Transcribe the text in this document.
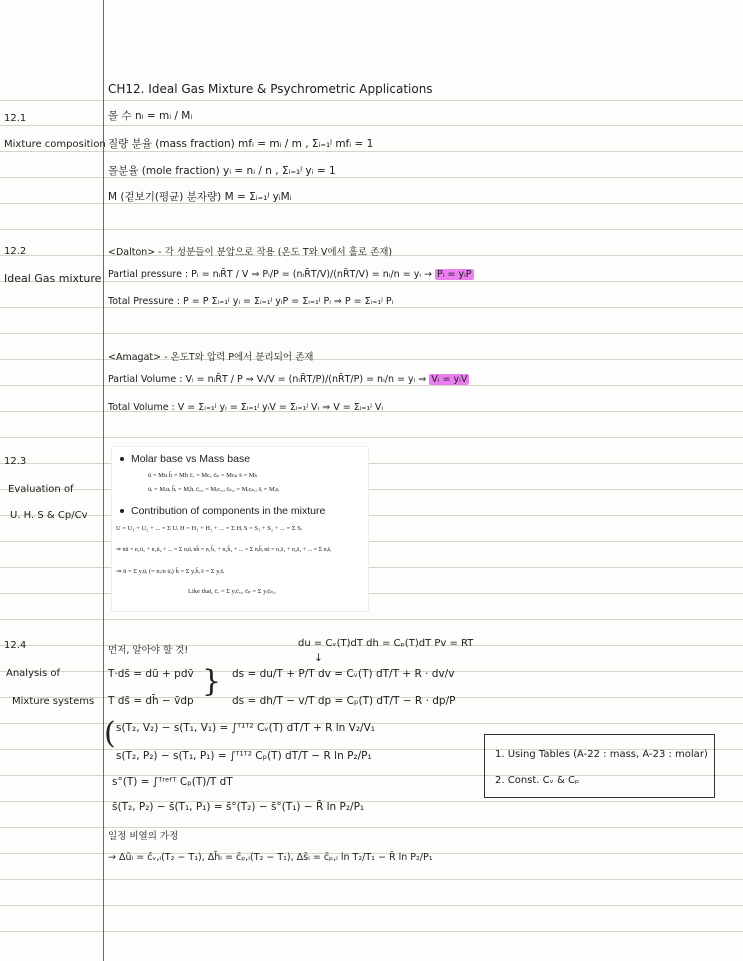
CH12. Ideal Gas Mixture & Psychrometric Applications
12.1
Mixture composition
몰 수 nᵢ = mᵢ / Mᵢ
질량 분율 (mass fraction) mfᵢ = mᵢ / m , Σᵢ₌₁ʲ mfᵢ = 1
몰분율 (mole fraction) yᵢ = nᵢ / n , Σᵢ₌₁ʲ yᵢ = 1
M (겉보기(평균) 분자량) M = Σᵢ₌₁ʲ yᵢMᵢ
12.2
Ideal Gas mixture
<Dalton> - 각 성분들이 분압으로 작용 (온도 T와 V에서 홀로 존재)
Partial pressure : Pᵢ = nᵢR̄T / V ⇒ Pᵢ/P = (nᵢR̄T/V)/(nR̄T/V) = nᵢ/n = yᵢ → Pᵢ = yᵢP
Total Pressure : P = P Σᵢ₌₁ʲ yᵢ = Σᵢ₌₁ʲ yᵢP = Σᵢ₌₁ʲ Pᵢ ⇒ P = Σᵢ₌₁ʲ Pᵢ
<Amagat> - 온도T와 압력 P에서 분리되어 존재
Partial Volume : Vᵢ = nᵢR̄T / P ⇒ Vᵢ/V = (nᵢR̄T/P)/(nR̄T/P) = nᵢ/n = yᵢ ⇒ Vᵢ = yᵢV
Total Volume : V = Σᵢ₌₁ʲ yᵢ = Σᵢ₌₁ʲ yᵢV = Σᵢ₌₁ʲ Vᵢ ⇒ V = Σᵢ₌₁ʲ Vᵢ
12.3
Evaluation of
U. H. S & Cp/Cv
Molar base vs Mass base
ū = Mu h̄ = Mh c̄ᵥ = Mcᵥ c̄ₚ = Mcₚ s̄ = Ms
ūᵢ = Mᵢuᵢ h̄ᵢ = Mᵢhᵢ c̄ᵥ,ᵢ = Mᵢcᵥ,ᵢ c̄ₚ,ᵢ = Mᵢcₚ,ᵢ s̄ᵢ = Mᵢsᵢ
Contribution of components in the mixture
U = U₁ + U₂ + ... = Σ Uᵢ H = H₁ + H₂ + ... = Σ Hᵢ S = S₁ + S₂ + ... = Σ Sᵢ
⇒ nū = n₁ū₁ + n₂ū₂ + ... = Σ nᵢūᵢ nh̄ = n₁h̄₁ + n₂h̄₂ + ... = Σ nᵢh̄ᵢ ns̄ = n₁s̄₁ + n₂s̄₂ + ... = Σ nᵢs̄ᵢ
⇒ ū = Σ yᵢūᵢ (= nᵢ/n ūᵢ) h̄ = Σ yᵢh̄ᵢ s̄ = Σ yᵢs̄ᵢ
Like that, c̄ᵥ = Σ yᵢc̄ᵥ,ᵢ c̄ₚ = Σ yᵢc̄ₚ,ᵢ
12.4
Analysis of
Mixture systems
먼저, 알아야 할 것!
du = Cᵥ(T)dT dh = Cₚ(T)dT Pv = RT
↓
T·ds̄ = dū + pdv̄
T ds̄ = dh̄ − v̄dp
} ds = du/T + P/T dv = Cᵥ(T) dT/T + R · dv/v
ds = dh/T − v/T dp = Cₚ(T) dT/T − R · dp/P
( s(T₂, V₂) − s(T₁, V₁) = ∫ᵀ¹ᵀ² Cᵥ(T) dT/T + R ln V₂/V₁
s(T₂, P₂) − s(T₁, P₁) = ∫ᵀ¹ᵀ² Cₚ(T) dT/T − R ln P₂/P₁
s°(T) = ∫ᵀʳᵉᶠᵀ Cₚ(T)/T dT
s̄(T₂, P₂) − s̄(T₁, P₁) = s̄°(T₂) − s̄°(T₁) − R̄ ln P₂/P₁
일정 비열의 가정
→ Δūᵢ = c̄ᵥ,ᵢ(T₂ − T₁), Δh̄ᵢ = c̄ₚ,ᵢ(T₂ − T₁), Δs̄ᵢ = c̄ₚ,ᵢ ln T₂/T₁ − R̄ ln P₂/P₁
1. Using Tables (A-22 : mass, A-23 : molar)
2. Const. Cᵥ & Cₚ
